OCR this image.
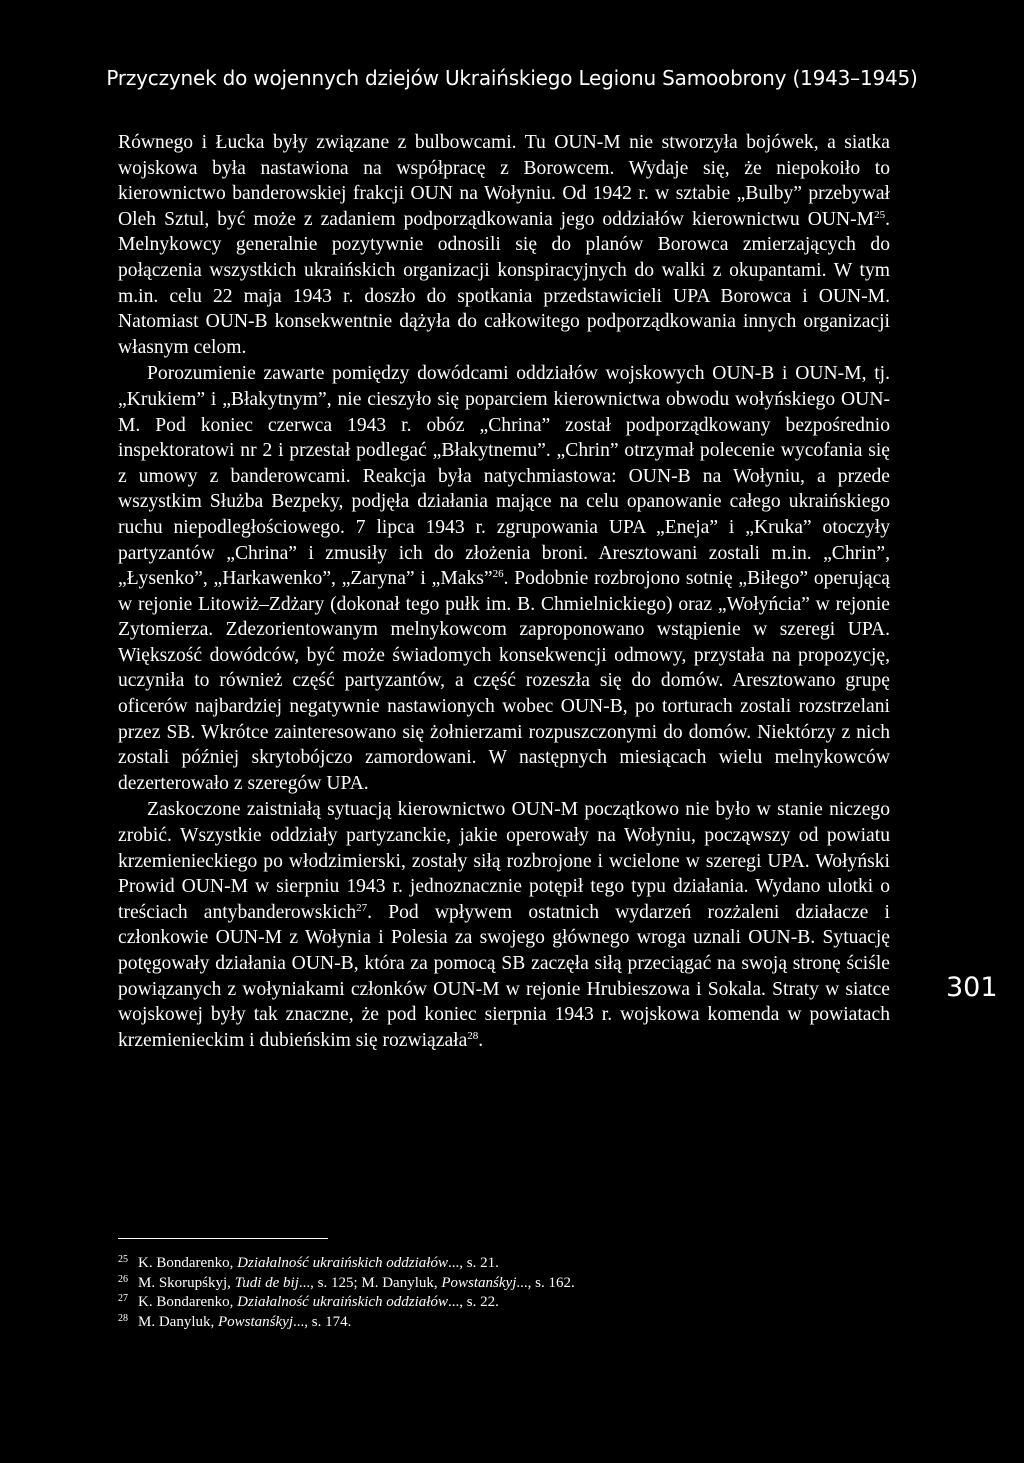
Przyczynek do wojennych dziejów Ukraińskiego Legionu Samoobrony (1943–1945)

Równego i Łucka były związane z bulbowcami. Tu OUN-M nie stworzyła bojówek, a siatka wojskowa była nastawiona na współpracę z Borowcem. Wydaje się, że niepokoiło to kierownictwo banderowskiej frakcji OUN na Wołyniu. Od 1942 r. w sztabie „Bulby” przebywał Oleh Sztul, być może z zadaniem podporządkowania jego oddziałów kierownictwu OUN-$M^{25}$. Melnykowcy generalnie pozytywnie odnosili się do planów Borowca zmierzających do połączenia wszystkich ukraińskich organizacji konspiracyjnych do walki z okupantami. W tym m.in. celu 22 maja 1943 r. doszło do spotkania przedstawicieli UPA Borowca i OUN-M. Natomiast OUN-B konsekwentnie dążyła do całkowitego podporządkowania innych organizacji własnym celom.

Porozumienie zawarte pomiędzy dowódcami oddziałów wojskowych OUN-B i OUN-M, tj. „Krukiem” i „Błakytnym”, nie cieszyło się poparciem kierownictwa obwodu wołyńskiego OUN-M. Pod koniec czerwca 1943 r. obóz „Chrina” został podporządkowany bezpośrednio inspektoratowi nr 2 i przestał podlegać „Błakytnemu”. „Chrin” otrzymał polecenie wycofania się z umowy z banderowcami. Reakcja była natychmiastowa: OUN-B na Wołyniu, a przede wszystkim Służba Bezpeky, podjęła działania mające na celu opanowanie całego ukraińskiego ruchu niepodległościowego. 7 lipca 1943 r. zgrupowania UPA „Eneja” i „Kruka” otoczyły partyzantów „Chrina” i zmusiły ich do złożenia broni. Aresztowani zostali m.in. „Chrin”, „Łysenko”, „Harkawenko”, „Zaryna” i „Maks”$^{26}$. Podobnie rozbrojono sotnię „Biłego” operującą w rejonie Litowiż–Zdżary (dokonał tego pułk im. B. Chmielnickiego) oraz „Wołyńcia” w rejonie Zytomierza. Zdezorientowanym melnykowcom zaproponowano wstąpienie w szeregi UPA. Większość dowódców, być może świadomych konsekwencji odmowy, przystała na propozycję, uczyniła to również część partyzantów, a część rozeszła się do domów. Aresztowano grupę oficerów najbardziej negatywnie nastawionych wobec OUN-B, po torturach zostali rozstrzelani przez SB. Wkrótce zainteresowano się żołnierzami rozpuszczonymi do domów. Niektórzy z nich zostali później skrytobójczo zamordowani. W następnych miesiącach wielu melnykowców dezerterowało z szeregów UPA.

Zaskoczone zaistniałą sytuacją kierownictwo OUN-M początkowo nie było w stanie niczego zrobić. Wszystkie oddziały partyzanckie, jakie operowały na Wołyniu, począwszy od powiatu krzemienieckiego po włodzimierski, zostały siłą rozbrojone i wcielone w szeregi UPA. Wołyński Prowid OUN-M w sierpniu 1943 r. jednoznacznie potępił tego typu działania. Wydano ulotki o treściach antybanderowskich$^{27}$. Pod wpływem ostatnich wydarzeń rozżaleni działacze i członkowie OUN-M z Wołynia i Polesia za swojego głównego wroga uznali OUN-B. Sytuację potęgowały działania OUN-B, która za pomocą SB zaczęła siłą przeciągać na swoją stronę ściśle powiązanych z wołyniakami członków OUN-M w rejonie Hrubieszowa i Sokala. Straty w siatce wojskowej były tak znaczne, że pod koniec sierpnia 1943 r. wojskowa komenda w powiatach krzemienieckim i dubieńskim się rozwiązała$^{28}$.

301

25 K. Bondarenko, Działalność ukraińskich oddziałów..., s. 21.

26 M. Skorupśkyj, Tudi de bij..., s. 125; M. Danyluk, Powstanśkyj..., s. 162.

27 K. Bondarenko, Działalność ukraińskich oddziałów..., s. 22.

28 M. Danyluk, Powstanśkyj..., s. 174.
